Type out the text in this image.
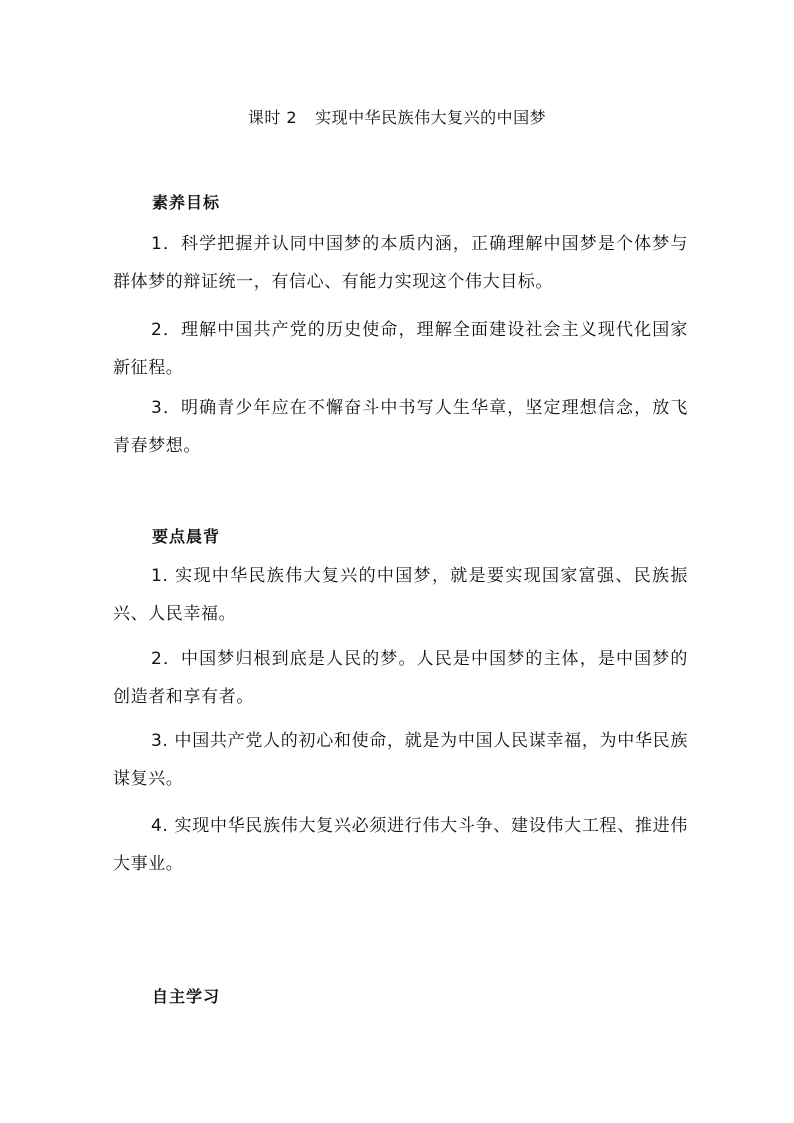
课时 2 实现中华民族伟大复兴的中国梦
素养目标
1．科学把握并认同中国梦的本质内涵，正确理解中国梦是个体梦与群体梦的辩证统一，有信心、有能力实现这个伟大目标。
2．理解中国共产党的历史使命，理解全面建设社会主义现代化国家新征程。
3．明确青少年应在不懈奋斗中书写人生华章，坚定理想信念，放飞青春梦想。
要点晨背
1. 实现中华民族伟大复兴的中国梦，就是要实现国家富强、民族振兴、人民幸福。
2．中国梦归根到底是人民的梦。人民是中国梦的主体，是中国梦的创造者和享有者。
3. 中国共产党人的初心和使命，就是为中国人民谋幸福，为中华民族谋复兴。
4. 实现中华民族伟大复兴必须进行伟大斗争、建设伟大工程、推进伟大事业。
自主学习
